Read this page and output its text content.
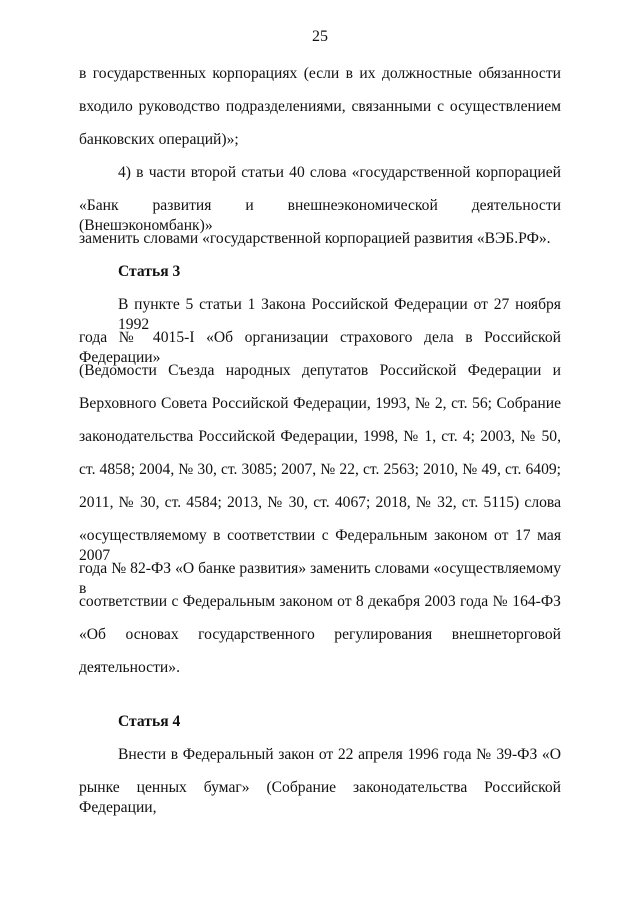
25
в государственных корпорациях (если в их должностные обязанности
входило руководство подразделениями, связанными с осуществлением
банковских операций)»;
4) в части второй статьи 40 слова «государственной корпорацией
«Банк развития и внешнеэкономической деятельности (Внешэкономбанк)»
заменить словами «государственной корпорацией развития «ВЭБ.РФ».
Статья 3
В пункте 5 статьи 1 Закона Российской Федерации от 27 ноября 1992
года № 4015-I «Об организации страхового дела в Российской Федерации»
(Ведомости Съезда народных депутатов Российской Федерации и
Верховного Совета Российской Федерации, 1993, № 2, ст. 56; Собрание
законодательства Российской Федерации, 1998, № 1, ст. 4; 2003, № 50,
ст. 4858; 2004, № 30, ст. 3085; 2007, № 22, ст. 2563; 2010, № 49, ст. 6409;
2011, № 30, ст. 4584; 2013, № 30, ст. 4067; 2018, № 32, ст. 5115) слова
«осуществляемому в соответствии с Федеральным законом от 17 мая 2007
года № 82-ФЗ «О банке развития» заменить словами «осуществляемому в
соответствии с Федеральным законом от 8 декабря 2003 года № 164-ФЗ
«Об основах государственного регулирования внешнеторговой
деятельности».
Статья 4
Внести в Федеральный закон от 22 апреля 1996 года № 39-ФЗ «О
рынке ценных бумаг» (Собрание законодательства Российской Федерации,
